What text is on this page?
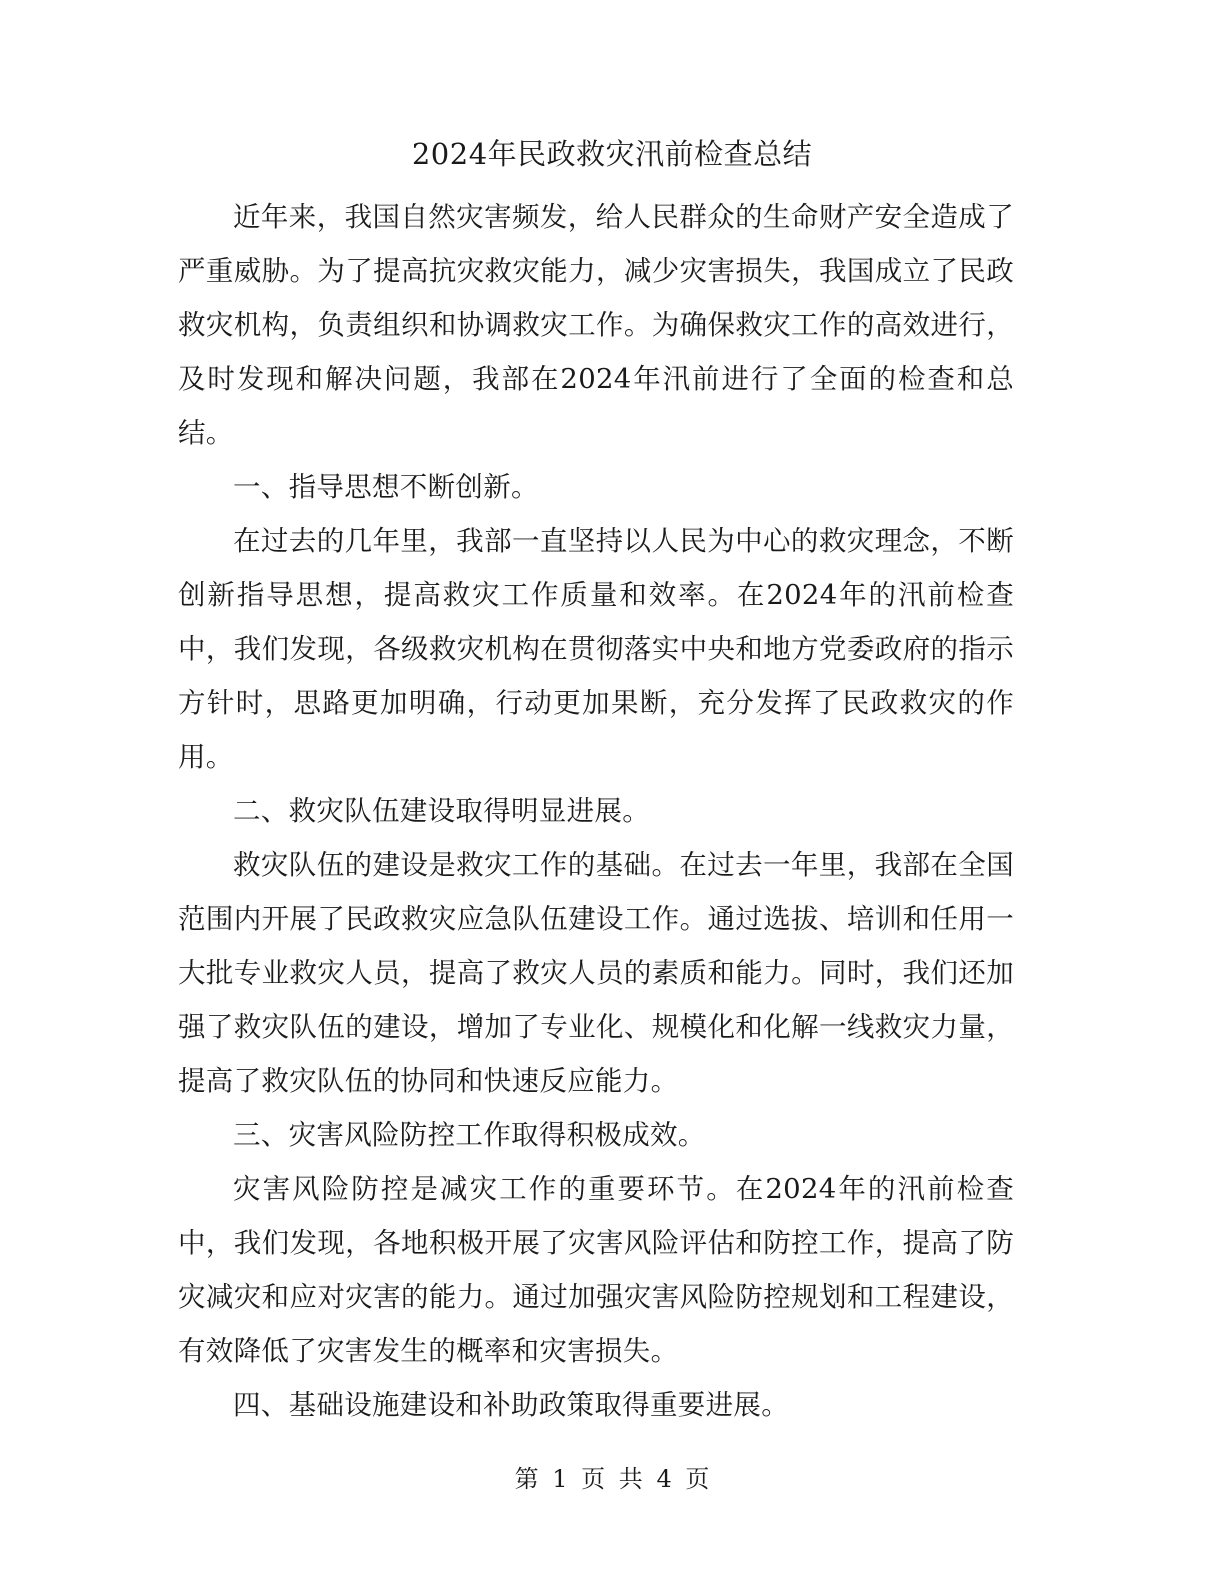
2024年民政救灾汛前检查总结

近年来，我国自然灾害频发，给人民群众的生命财产安全造成了严重威胁。为了提高抗灾救灾能力，减少灾害损失，我国成立了民政救灾机构，负责组织和协调救灾工作。为确保救灾工作的高效进行，及时发现和解决问题，我部在2024年汛前进行了全面的检查和总结。

一、指导思想不断创新。

在过去的几年里，我部一直坚持以人民为中心的救灾理念，不断创新指导思想，提高救灾工作质量和效率。在2024年的汛前检查中，我们发现，各级救灾机构在贯彻落实中央和地方党委政府的指示方针时，思路更加明确，行动更加果断，充分发挥了民政救灾的作用。

二、救灾队伍建设取得明显进展。

救灾队伍的建设是救灾工作的基础。在过去一年里，我部在全国范围内开展了民政救灾应急队伍建设工作。通过选拔、培训和任用一大批专业救灾人员，提高了救灾人员的素质和能力。同时，我们还加强了救灾队伍的建设，增加了专业化、规模化和化解一线救灾力量，提高了救灾队伍的协同和快速反应能力。

三、灾害风险防控工作取得积极成效。

灾害风险防控是减灾工作的重要环节。在2024年的汛前检查中，我们发现，各地积极开展了灾害风险评估和防控工作，提高了防灾减灾和应对灾害的能力。通过加强灾害风险防控规划和工程建设，有效降低了灾害发生的概率和灾害损失。

四、基础设施建设和补助政策取得重要进展。

第 1 页 共 4 页
